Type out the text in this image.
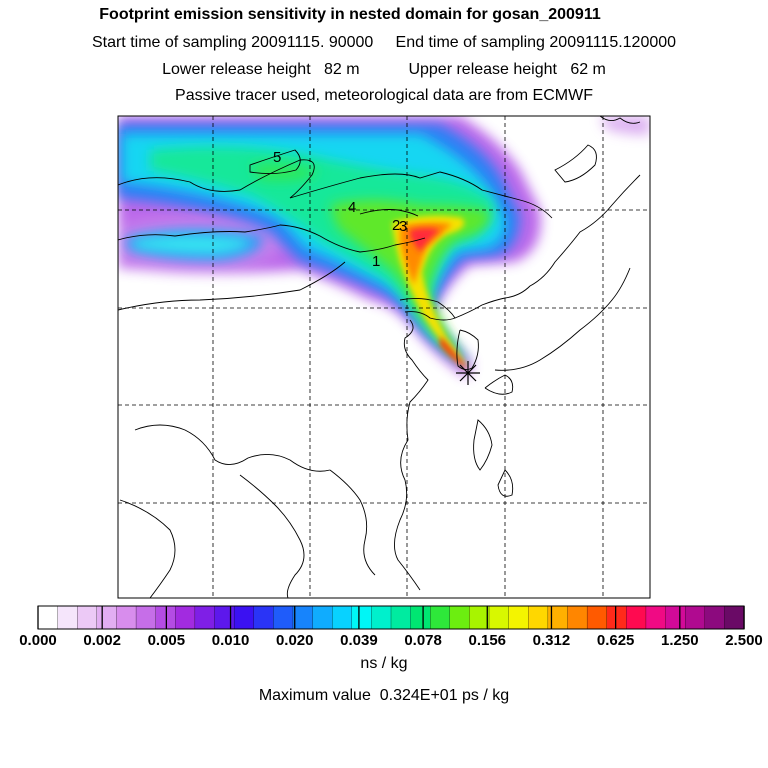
Footprint emission sensitivity in nested domain for gosan_200911
Start time of sampling 20091115. 90000     End time of sampling 20091115.120000
Lower release height   82 m           Upper release height   62 m
Passive tracer used, meteorological data are from ECMWF
1
2
3
4
5
0.000 0.002 0.005 0.010 0.020 0.039 0.078 0.156 0.312 0.625 1.250 2.500
ns / kg
Maximum value  0.324E+01 ps / kg
